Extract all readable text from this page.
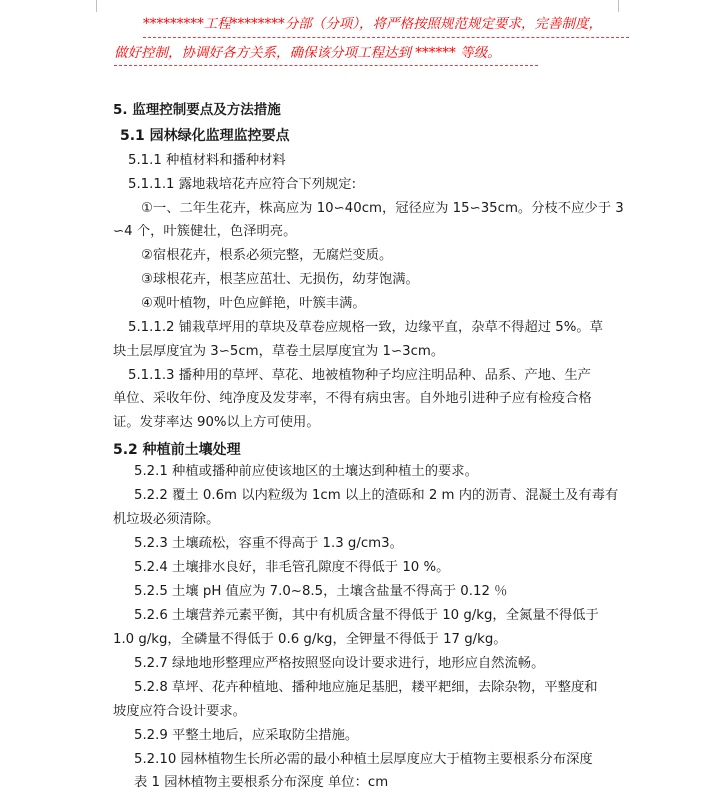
*********工程********分部（分项），将严格按照规范规定要求，完善制度，
做好控制，协调好各方关系，确保该分项工程达到 ****** 等级。
5. 监理控制要点及方法措施
5.1 园林绿化监理监控要点
5.1.1 种植材料和播种材料
5.1.1.1 露地栽培花卉应符合下列规定:
①一、二年生花卉，株高应为 10∽40cm，冠径应为 15∽35cm。分枝不应少于 3
∽4 个，叶簇健壮，色泽明亮。
②宿根花卉，根系必须完整，无腐烂变质。
③球根花卉，根茎应茁壮、无损伤，幼芽饱满。
④观叶植物，叶色应鲜艳，叶簇丰满。
5.1.1.2 铺栽草坪用的草块及草卷应规格一致，边缘平直，杂草不得超过 5%。草
块土层厚度宜为 3∽5cm，草卷土层厚度宜为 1∽3cm。
5.1.1.3 播种用的草坪、草花、地被植物种子均应注明品种、品系、产地、生产
单位、采收年份、纯净度及发芽率，不得有病虫害。自外地引进种子应有检疫合格
证。发芽率达 90%以上方可使用。
5.2 种植前土壤处理
5.2.1 种植或播种前应使该地区的土壤达到种植土的要求。
5.2.2 覆土 0.6m 以内粒级为 1cm 以上的渣砾和 2 m 内的沥青、混凝土及有毒有
机垃圾必须清除。
5.2.3 土壤疏松，容重不得高于 1.3 g/cm3。
5.2.4 土壤排水良好，非毛管孔隙度不得低于 10 %。
5.2.5 土壤 pH 值应为 7.0~8.5，土壤含盐量不得高于 0.12 ％
5.2.6 土壤营养元素平衡，其中有机质含量不得低于 10 g/kg，全氮量不得低于
1.0 g/kg，全磷量不得低于 0.6 g/kg，全钾量不得低于 17 g/kg。
5.2.7 绿地地形整理应严格按照竖向设计要求进行，地形应自然流畅。
5.2.8 草坪、花卉种植地、播种地应施足基肥，耧平耙细，去除杂物，平整度和
坡度应符合设计要求。
5.2.9 平整土地后，应采取防尘措施。
5.2.10 园林植物生长所必需的最小种植土层厚度应大于植物主要根系分布深度
表 1 园林植物主要根系分布深度 单位：cm
